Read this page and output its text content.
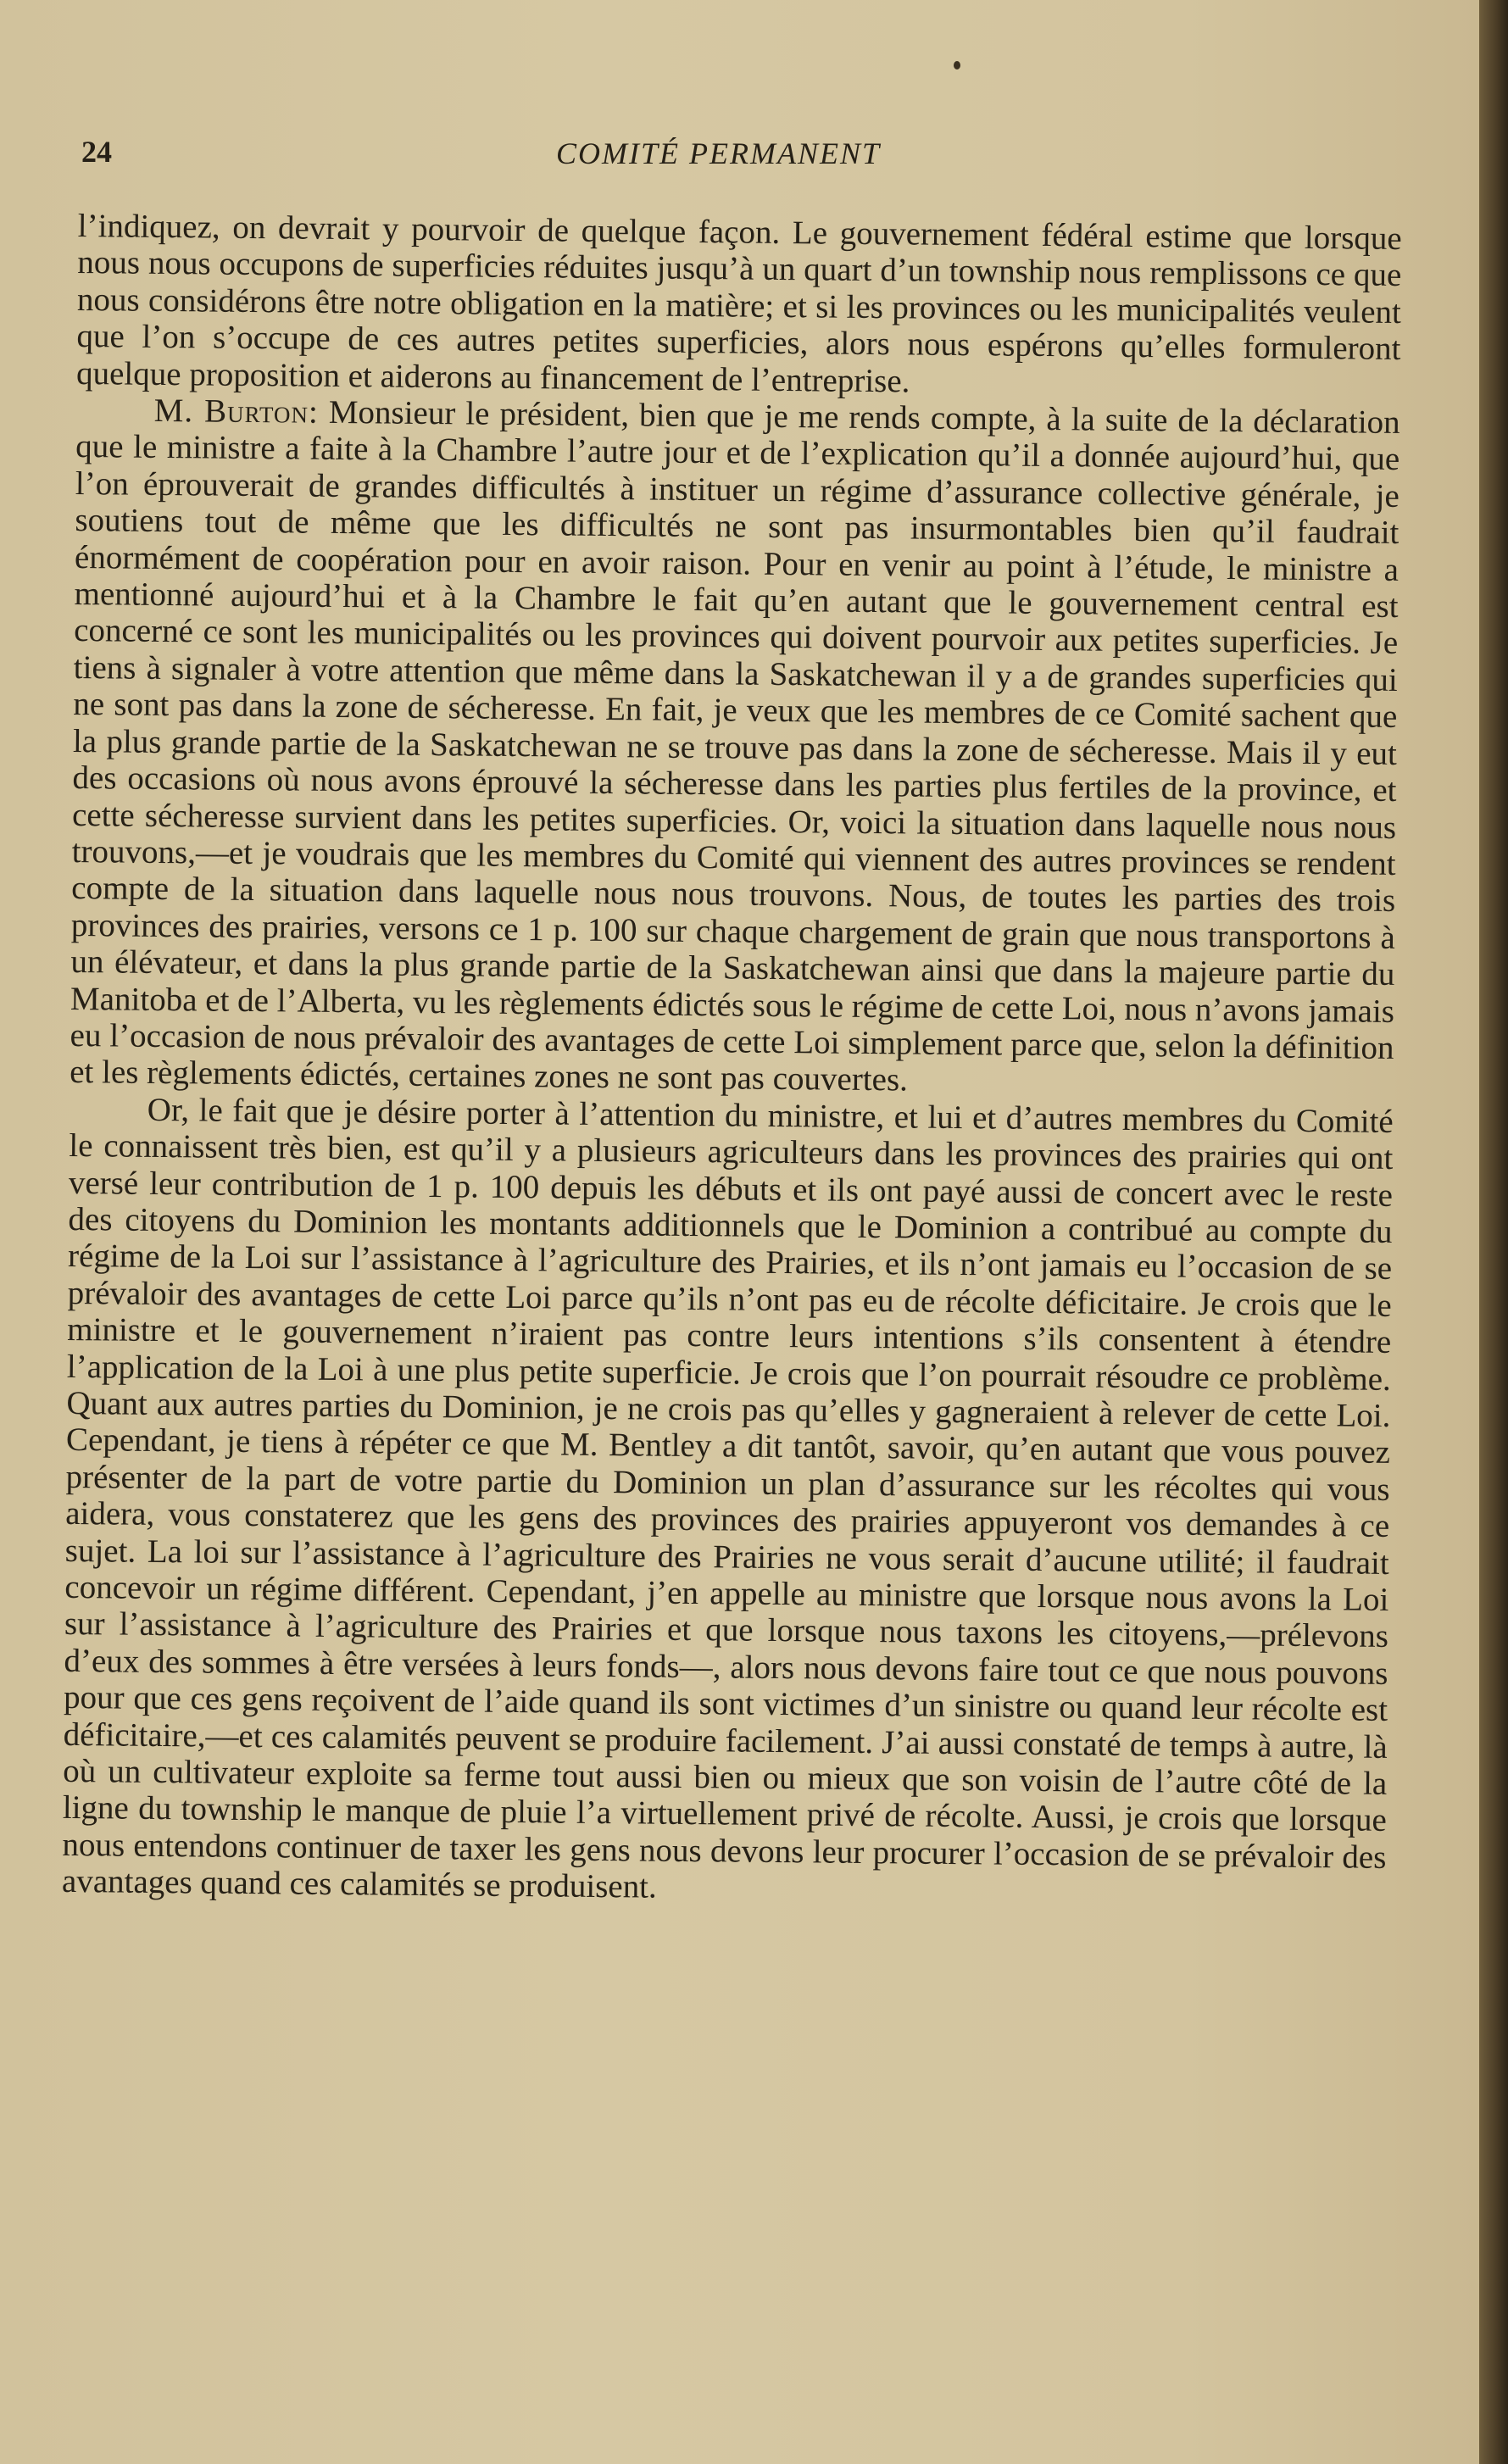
24	COMITÉ PERMANENT

l’indiquez, on devrait y pourvoir de quelque façon. Le gouvernement fédéral estime que lorsque nous nous occupons de superficies réduites jusqu’à un quart d’un township nous remplissons ce que nous considérons être notre obligation en la matière; et si les provinces ou les municipalités veulent que l’on s’occupe de ces autres petites superficies, alors nous espérons qu’elles formuleront quelque proposition et aiderons au financement de l’entreprise.

M. Burton: Monsieur le président, bien que je me rends compte, à la suite de la déclaration que le ministre a faite à la Chambre l’autre jour et de l’explication qu’il a donnée aujourd’hui, que l’on éprouverait de grandes difficultés à instituer un régime d’assurance collective générale, je soutiens tout de même que les difficultés ne sont pas insurmontables bien qu’il faudrait énormément de coopération pour en avoir raison. Pour en venir au point à l’étude, le ministre a mentionné aujourd’hui et à la Chambre le fait qu’en autant que le gouvernement central est concerné ce sont les municipalités ou les provinces qui doivent pourvoir aux petites superficies. Je tiens à signaler à votre attention que même dans la Saskatchewan il y a de grandes superficies qui ne sont pas dans la zone de sécheresse. En fait, je veux que les membres de ce Comité sachent que la plus grande partie de la Saskatchewan ne se trouve pas dans la zone de sécheresse. Mais il y eut des occasions où nous avons éprouvé la sécheresse dans les parties plus fertiles de la province, et cette sécheresse survient dans les petites superficies. Or, voici la situation dans laquelle nous nous trouvons,—et je voudrais que les membres du Comité qui viennent des autres provinces se rendent compte de la situation dans laquelle nous nous trouvons. Nous, de toutes les parties des trois provinces des prairies, versons ce 1 p. 100 sur chaque chargement de grain que nous transportons à un élévateur, et dans la plus grande partie de la Saskatchewan ainsi que dans la majeure partie du Manitoba et de l’Alberta, vu les règlements édictés sous le régime de cette Loi, nous n’avons jamais eu l’occasion de nous prévaloir des avantages de cette Loi simplement parce que, selon la définition et les règlements édictés, certaines zones ne sont pas couvertes.

Or, le fait que je désire porter à l’attention du ministre, et lui et d’autres membres du Comité le connaissent très bien, est qu’il y a plusieurs agriculteurs dans les provinces des prairies qui ont versé leur contribution de 1 p. 100 depuis les débuts et ils ont payé aussi de concert avec le reste des citoyens du Dominion les montants additionnels que le Dominion a contribué au compte du régime de la Loi sur l’assistance à l’agriculture des Prairies, et ils n’ont jamais eu l’occasion de se prévaloir des avantages de cette Loi parce qu’ils n’ont pas eu de récolte déficitaire. Je crois que le ministre et le gouvernement n’iraient pas contre leurs intentions s’ils consentent à étendre l’application de la Loi à une plus petite superficie. Je crois que l’on pourrait résoudre ce problème. Quant aux autres parties du Dominion, je ne crois pas qu’elles y gagneraient à relever de cette Loi. Cependant, je tiens à répéter ce que M. Bentley a dit tantôt, savoir, qu’en autant que vous pouvez présenter de la part de votre partie du Dominion un plan d’assurance sur les récoltes qui vous aidera, vous constaterez que les gens des provinces des prairies appuyeront vos demandes à ce sujet. La loi sur l’assistance à l’agriculture des Prairies ne vous serait d’aucune utilité; il faudrait concevoir un régime différent. Cependant, j’en appelle au ministre que lorsque nous avons la Loi sur l’assistance à l’agriculture des Prairies et que lorsque nous taxons les citoyens,—prélevons d’eux des sommes à être versées à leurs fonds—, alors nous devons faire tout ce que nous pouvons pour que ces gens reçoivent de l’aide quand ils sont victimes d’un sinistre ou quand leur récolte est déficitaire,—et ces calamités peuvent se produire facilement. J’ai aussi constaté de temps à autre, là où un cultivateur exploite sa ferme tout aussi bien ou mieux que son voisin de l’autre côté de la ligne du township le manque de pluie l’a virtuellement privé de récolte. Aussi, je crois que lorsque nous entendons continuer de taxer les gens nous devons leur procurer l’occasion de se prévaloir des avantages quand ces calamités se produisent.
